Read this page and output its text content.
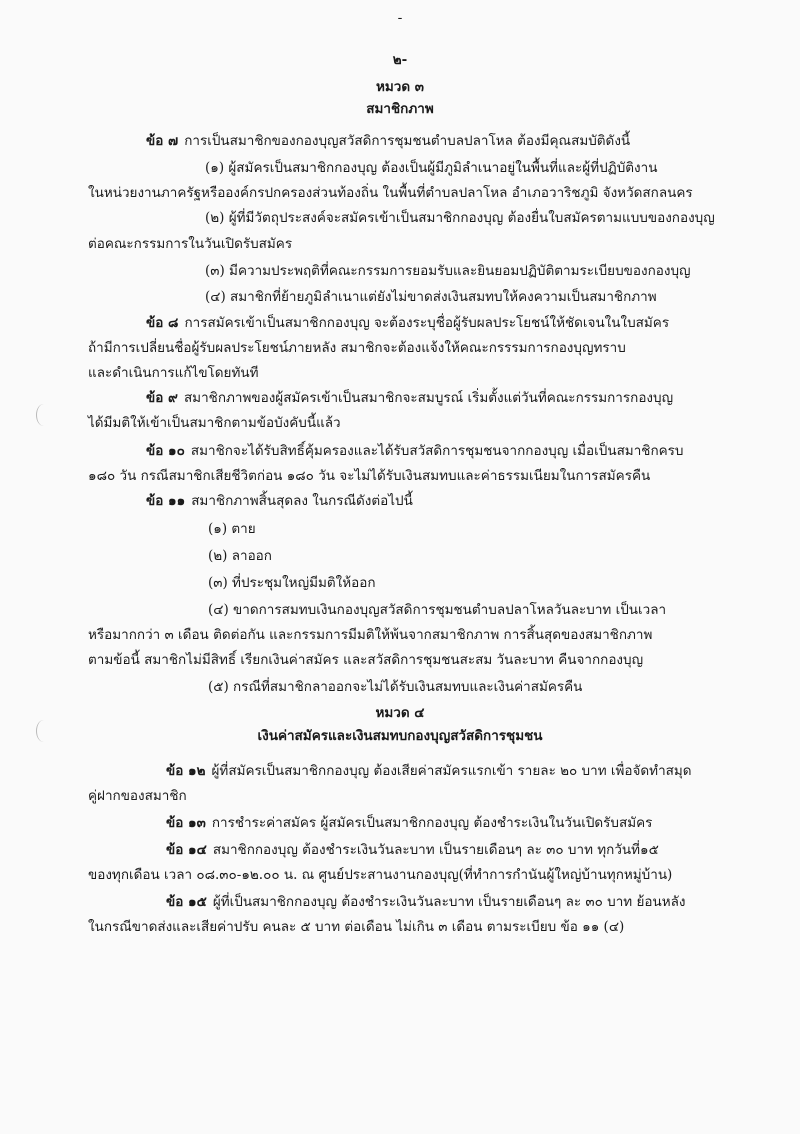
-
๒-
หมวด ๓
สมาชิกภาพ
ข้อ ๗ การเป็นสมาชิกของกองบุญสวัสดิการชุมชนตำบลปลาโหล ต้องมีคุณสมบัติดังนี้
(๑) ผู้สมัครเป็นสมาชิกกองบุญ ต้องเป็นผู้มีภูมิลำเนาอยู่ในพื้นที่และผู้ที่ปฏิบัติงาน
ในหน่วยงานภาครัฐหรือองค์กรปกครองส่วนท้องถิ่น ในพื้นที่ตำบลปลาโหล อำเภอวาริชภูมิ จังหวัดสกลนคร
(๒) ผู้ที่มีวัตถุประสงค์จะสมัครเข้าเป็นสมาชิกกองบุญ ต้องยื่นใบสมัครตามแบบของกองบุญ
ต่อคณะกรรมการในวันเปิดรับสมัคร
(๓) มีความประพฤติที่คณะกรรมการยอมรับและยินยอมปฏิบัติตามระเบียบของกองบุญ
(๔) สมาชิกที่ย้ายภูมิลำเนาแต่ยังไม่ขาดส่งเงินสมทบให้คงความเป็นสมาชิกภาพ
ข้อ ๘ การสมัครเข้าเป็นสมาชิกกองบุญ จะต้องระบุชื่อผู้รับผลประโยชน์ให้ชัดเจนในใบสมัคร
ถ้ามีการเปลี่ยนชื่อผู้รับผลประโยชน์ภายหลัง สมาชิกจะต้องแจ้งให้คณะกรรรมการกองบุญทราบ
และดำเนินการแก้ไขโดยทันที
ข้อ ๙ สมาชิกภาพของผู้สมัครเข้าเป็นสมาชิกจะสมบูรณ์ เริ่มตั้งแต่วันที่คณะกรรมการกองบุญ
ได้มีมติให้เข้าเป็นสมาชิกตามข้อบังคับนี้แล้ว
ข้อ ๑๐ สมาชิกจะได้รับสิทธิ์คุ้มครองและได้รับสวัสดิการชุมชนจากกองบุญ เมื่อเป็นสมาชิกครบ
๑๘๐ วัน กรณีสมาชิกเสียชีวิตก่อน ๑๘๐ วัน จะไม่ได้รับเงินสมทบและค่าธรรมเนียมในการสมัครคืน
ข้อ ๑๑ สมาชิกภาพสิ้นสุดลง ในกรณีดังต่อไปนี้
(๑) ตาย
(๒) ลาออก
(๓) ที่ประชุมใหญ่มีมติให้ออก
(๔) ขาดการสมทบเงินกองบุญสวัสดิการชุมชนตำบลปลาโหลวันละบาท เป็นเวลา
หรือมากกว่า ๓ เดือน ติดต่อกัน และกรรมการมีมติให้พ้นจากสมาชิกภาพ การสิ้นสุดของสมาชิกภาพ
ตามข้อนี้ สมาชิกไม่มีสิทธิ์ เรียกเงินค่าสมัคร และสวัสดิการชุมชนสะสม วันละบาท คืนจากกองบุญ
(๕) กรณีที่สมาชิกลาออกจะไม่ได้รับเงินสมทบและเงินค่าสมัครคืน
หมวด ๔
เงินค่าสมัครและเงินสมทบกองบุญสวัสดิการชุมชน
ข้อ ๑๒ ผู้ที่สมัครเป็นสมาชิกกองบุญ ต้องเสียค่าสมัครแรกเข้า รายละ ๒๐ บาท เพื่อจัดทำสมุด
คู่ฝากของสมาชิก
ข้อ ๑๓ การชำระค่าสมัคร ผู้สมัครเป็นสมาชิกกองบุญ ต้องชำระเงินในวันเปิดรับสมัคร
ข้อ ๑๔ สมาชิกกองบุญ ต้องชำระเงินวันละบาท เป็นรายเดือนๆ ละ ๓๐ บาท ทุกวันที่๑๕
ของทุกเดือน เวลา ๐๘.๓๐-๑๒.๐๐ น. ณ ศูนย์ประสานงานกองบุญ(ที่ทำการกำนันผู้ใหญ่บ้านทุกหมู่บ้าน)
ข้อ ๑๕ ผู้ที่เป็นสมาชิกกองบุญ ต้องชำระเงินวันละบาท เป็นรายเดือนๆ ละ ๓๐ บาท ย้อนหลัง
ในกรณีขาดส่งและเสียค่าปรับ คนละ ๕ บาท ต่อเดือน ไม่เกิน ๓ เดือน ตามระเบียบ ข้อ ๑๑ (๔)
